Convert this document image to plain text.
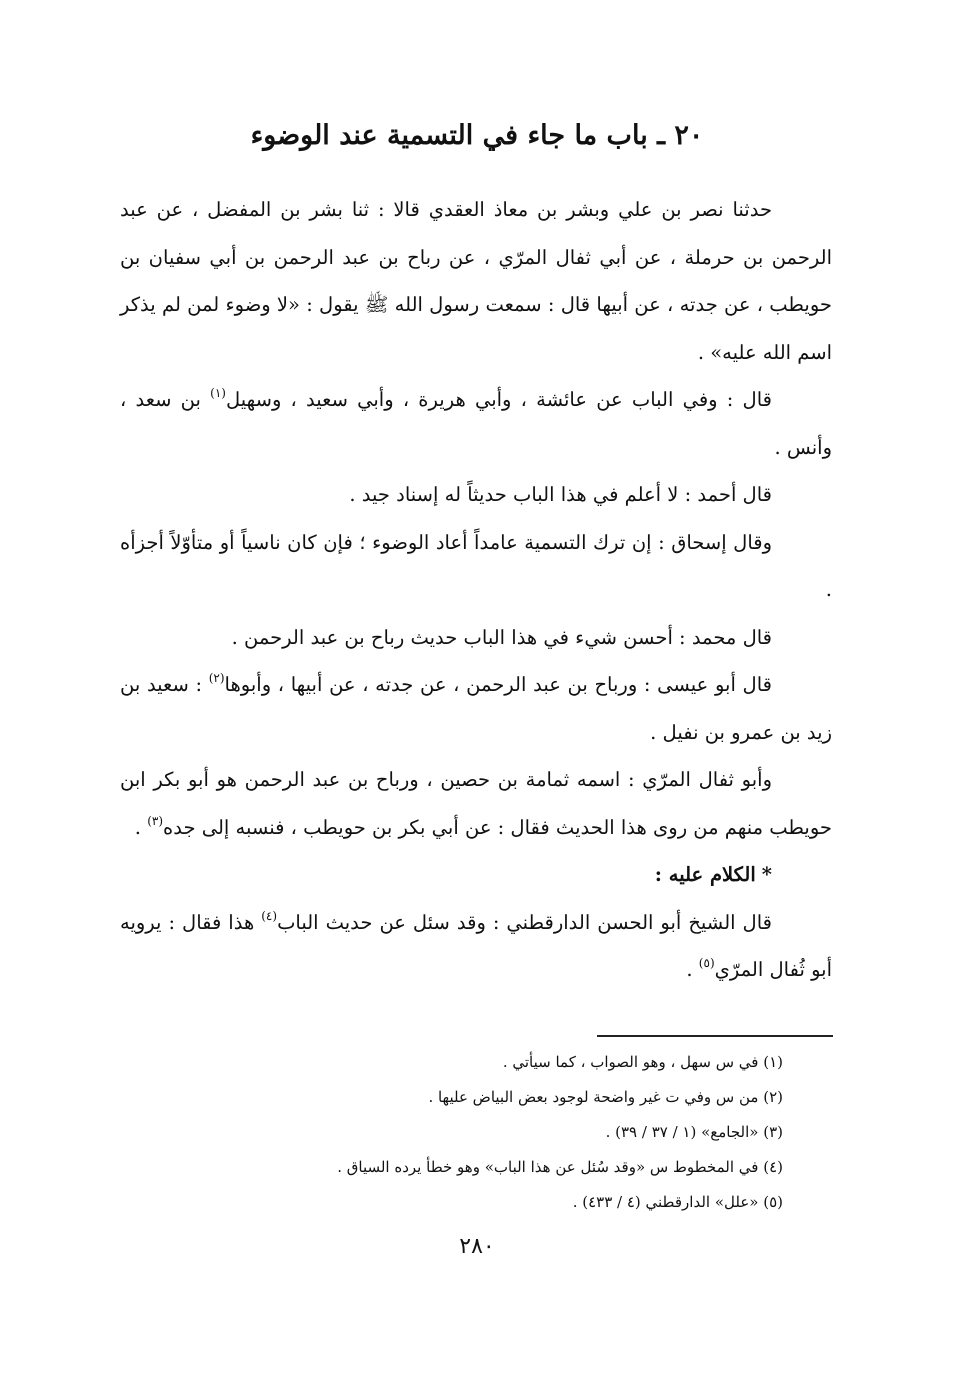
٢٠ ـ باب ما جاء في التسمية عند الوضوء

حدثنا نصر بن علي وبشر بن معاذ العقدي قالا : ثنا بشر بن المفضل ، عن عبد الرحمن بن حرملة ، عن أبي ثفال المرّي ، عن رباح بن عبد الرحمن بن أبي سفيان بن حويطب ، عن جدته ، عن أبيها قال : سمعت رسول الله ﷺ يقول : «لا وضوء لمن لم يذكر اسم الله عليه» .

قال : وفي الباب عن عائشة ، وأبي هريرة ، وأبي سعيد ، وسهيل$^{(١)}$ بن سعد ، وأنس .

قال أحمد : لا أعلم في هذا الباب حديثاً له إسناد جيد .

وقال إسحاق : إن ترك التسمية عامداً أعاد الوضوء ؛ فإن كان ناسياً أو متأوّلاً أجزأه .

قال محمد : أحسن شيء في هذا الباب حديث رباح بن عبد الرحمن .

قال أبو عيسى : ورباح بن عبد الرحمن ، عن جدته ، عن أبيها ، وأبوها$^{(٢)}$ : سعيد بن زيد بن عمرو بن نفيل .

وأبو ثفال المرّي : اسمه ثمامة بن حصين ، ورباح بن عبد الرحمن هو أبو بكر ابن حويطب منهم من روى هذا الحديث فقال : عن أبي بكر بن حويطب ، فنسبه إلى جده$^{(٣)}$ .

*الكلام عليه :

قال الشيخ أبو الحسن الدارقطني : وقد سئل عن حديث الباب$^{(٤)}$ هذا فقال : يرويه أبو ثُفال المرّي$^{(٥)}$ .

(١) في س سهل ، وهو الصواب ، كما سيأتي .
(٢) من س وفي ت غير واضحة لوجود بعض البياض عليها .
(٣) «الجامع» (١ / ٣٧ / ٣٩) .
(٤) في المخطوط س «وقد سُئل عن هذا الباب» وهو خطأ يرده السياق .
(٥) «علل» الدارقطني (٤ / ٤٣٣) .
٢٨٠
